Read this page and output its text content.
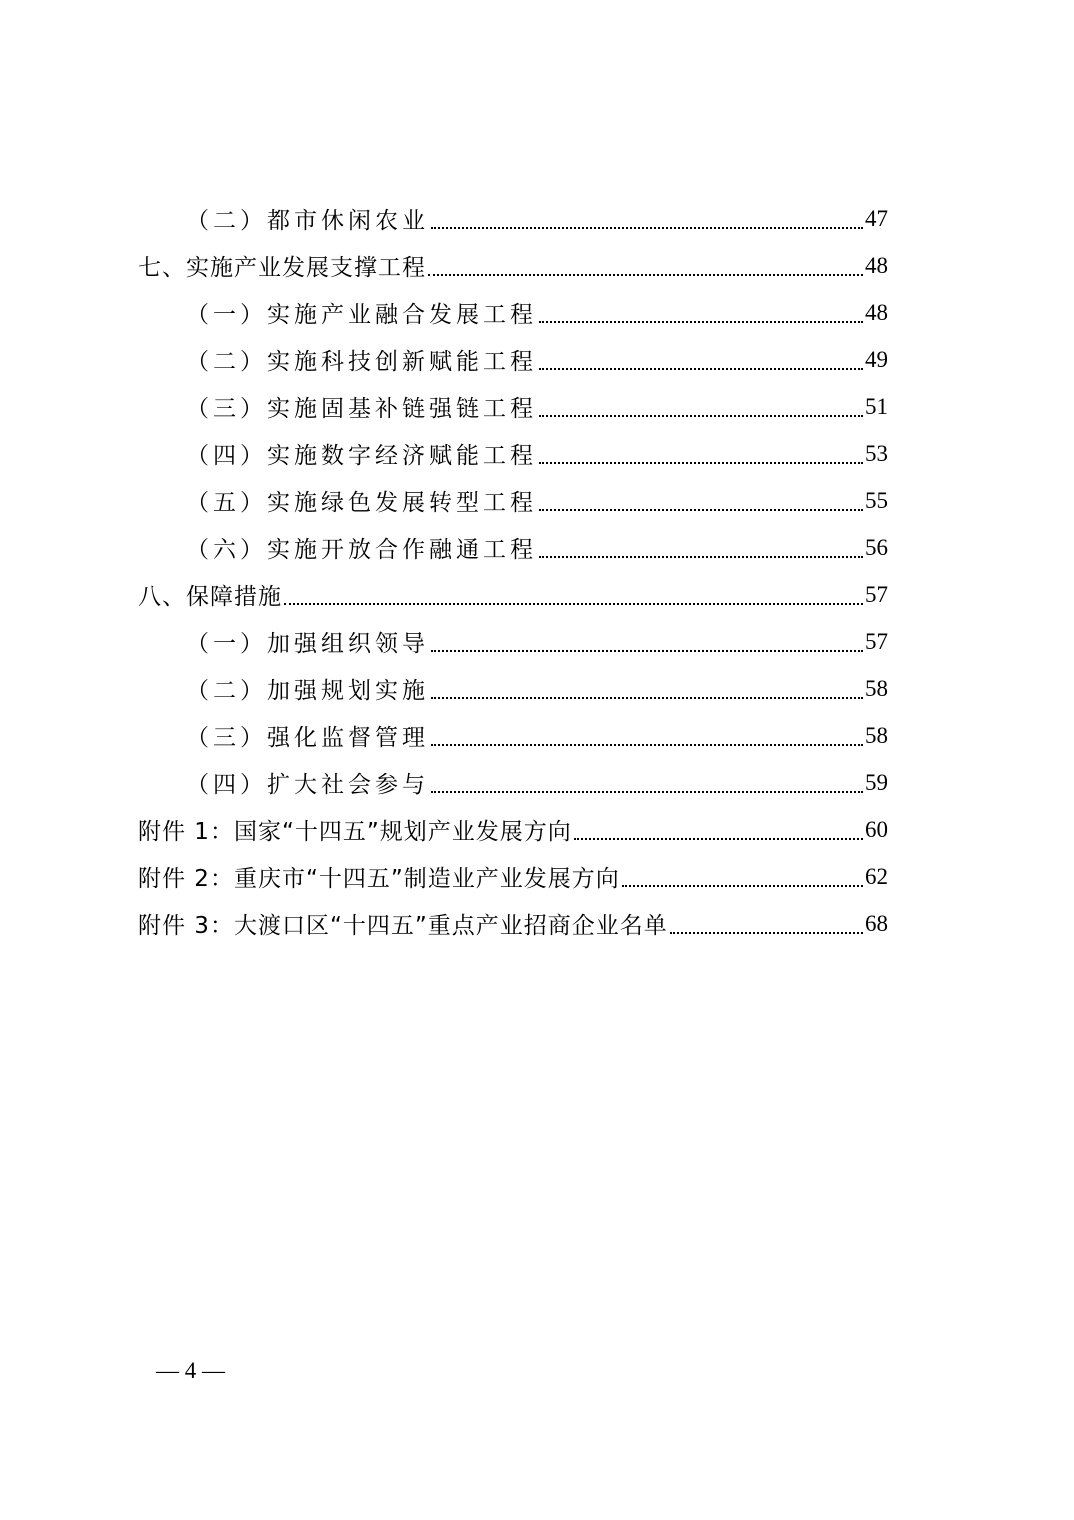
（二）都市休闲农业	47
七、实施产业发展支撑工程	48
（一）实施产业融合发展工程	48
（二）实施科技创新赋能工程	49
（三）实施固基补链强链工程	51
（四）实施数字经济赋能工程	53
（五）实施绿色发展转型工程	55
（六）实施开放合作融通工程	56
八、保障措施	57
（一）加强组织领导	57
（二）加强规划实施	58
（三）强化监督管理	58
（四）扩大社会参与	59
附件 1：国家“十四五”规划产业发展方向	60
附件 2：重庆市“十四五”制造业产业发展方向	62
附件 3：大渡口区“十四五”重点产业招商企业名单	68
— 4 —
